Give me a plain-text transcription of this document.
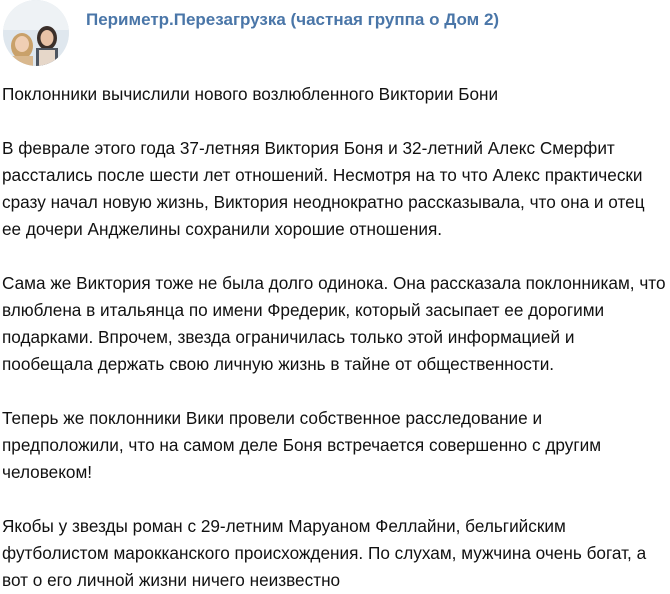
Периметр.Перезагрузка (частная группа о Дом 2)

Поклонники вычислили нового возлюбленного Виктории Бони

В феврале этого года 37-летняя Виктория Боня и 32-летний Алекс Смерфит

расстались после шести лет отношений. Несмотря на то что Алекс практически

сразу начал новую жизнь, Виктория неоднократно рассказывала, что она и отец

ее дочери Анджелины сохранили хорошие отношения.

Сама же Виктория тоже не была долго одинока. Она рассказала поклонникам, что

влюблена в итальянца по имени Фредерик, который засыпает ее дорогими

подарками. Впрочем, звезда ограничилась только этой информацией и

пообещала держать свою личную жизнь в тайне от общественности.

Теперь же поклонники Вики провели собственное расследование и

предположили, что на самом деле Боня встречается совершенно с другим

человеком!

Якобы у звезды роман с 29-летним Маруаном Феллайни, бельгийским

футболистом марокканского происхождения. По слухам, мужчина очень богат, а

вот о его личной жизни ничего неизвестно
